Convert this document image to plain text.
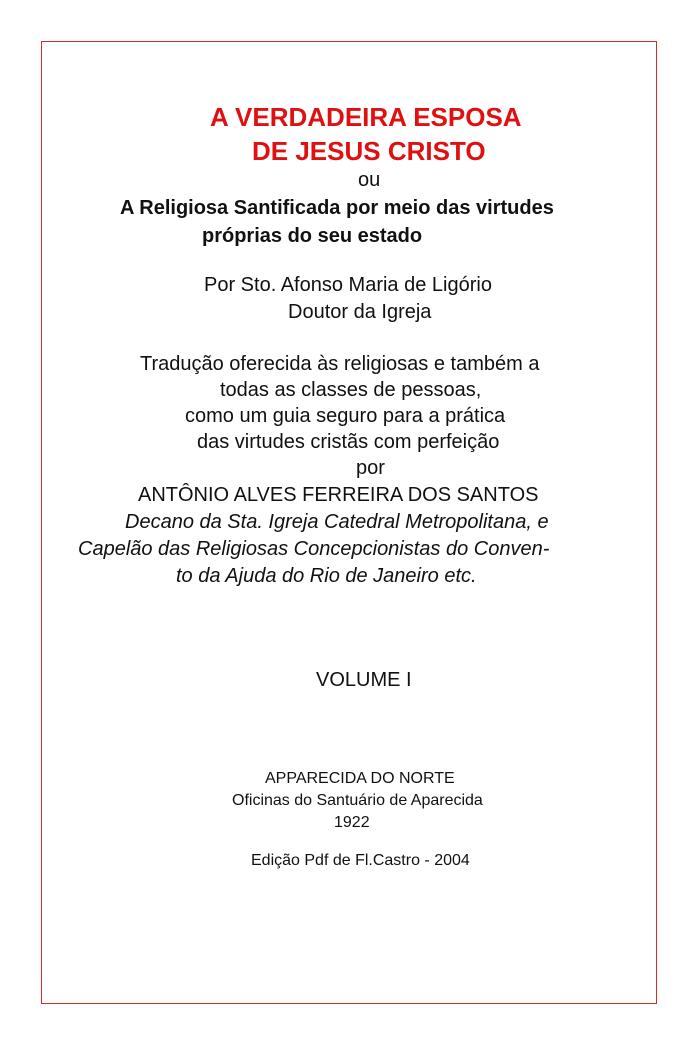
A VERDADEIRA ESPOSA
DE JESUS CRISTO
ou
A Religiosa Santificada por meio das virtudes
próprias do seu estado
Por Sto. Afonso Maria de Ligório
Doutor da Igreja
Tradução oferecida às religiosas e também a
todas as classes de pessoas,
como um guia seguro para a prática
das virtudes cristãs com perfeição
por
ANTÔNIO ALVES FERREIRA DOS SANTOS
Decano da Sta. Igreja Catedral Metropolitana, e
Capelão das Religiosas Concepcionistas do Conven-
to da Ajuda do Rio de Janeiro etc.
VOLUME I
APPARECIDA DO NORTE
Oficinas do Santuário de Aparecida
1922
Edição Pdf de Fl.Castro - 2004
